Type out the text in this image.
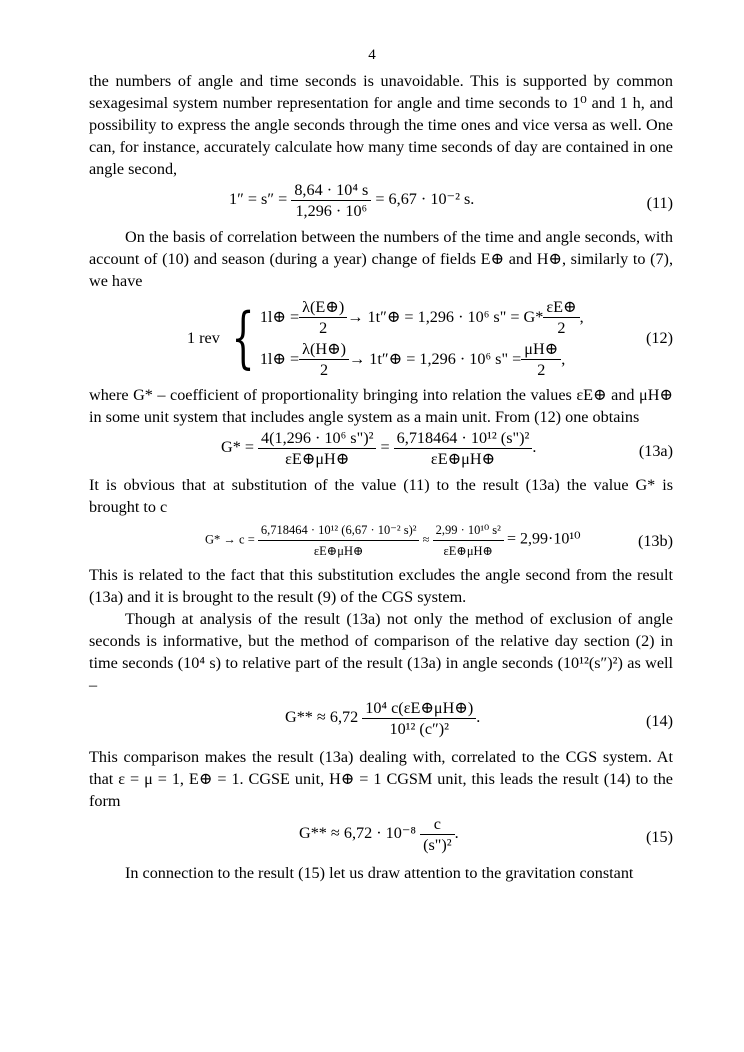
4

the numbers of angle and time seconds is unavoidable. This is supported by common sexagesimal system number representation for angle and time seconds to 1⁰ and 1 h, and possibility to express the angle seconds through the time ones and vice versa as well. One can, for instance, accurately calculate how many time seconds of day are contained in one angle second,

$1'' = s'' = \frac{\text{8,64 · 10⁴ s}}{\text{1,296 · 10⁶}} = 6,67 \cdot 10^{-2}$ s.	(11)

On the basis of correlation between the numbers of the time and angle seconds, with account of (10) and season (during a year) change of fields E⊕ and H⊕, similarly to (7), we have

1 rev { 1l⊕ = $\frac{\lambda(E\oplus)}{2}$ → 1t″⊕ = 1,296 · 10⁶ s" = $G* \frac{\varepsilon E\oplus}{2}$ ,
1l⊕ = $\frac{\lambda(H\oplus)}{2}$ → 1t″⊕ = 1,296 · 10⁶ s" = $\frac{\mu H\oplus}{2}$ ,
(12)

where G* – coefficient of proportionality bringing into relation the values εE⊕ and μH⊕ in some unit system that includes angle system as a main unit. From (12) one obtains

$G* = \frac{\text{4(1,296 · 10⁶ s")²}}{\varepsilon E\oplus\mu H\oplus} = \frac{\text{6,718464 · 10¹² (s")²}}{\varepsilon E\oplus\mu H\oplus}$ .	(13a)

It is obvious that at substitution of the value (11) to the result (13a) the value G* is brought to c

$G* \to c = \frac{\text{6,718464 · 10¹² (6,67 · 10⁻² s)²}}{\varepsilon E\oplus\mu H\oplus} \approx \frac{\text{2,99 · 10¹⁰ s²}}{\varepsilon E\oplus\mu H\oplus} = 2,99\cdot 10^{10}$	(13b)

This is related to the fact that this substitution excludes the angle second from the result (13a) and it is brought to the result (9) of the CGS system.

Though at analysis of the result (13a) not only the method of exclusion of angle seconds is informative, but the method of comparison of the relative day section (2) in time seconds (10⁴ s) to relative part of the result (13a) in angle seconds (10¹²(s″)²) as well –

$G** \approx 6,72 \frac{\text{10⁴ c(εE⊕μH⊕)}}{\text{10¹² (c″)²}}$ .	(14)

This comparison makes the result (13a) dealing with, correlated to the CGS system. At that ε = μ = 1, E⊕ = 1. CGSE unit, H⊕ = 1 CGSM unit, this leads the result (14) to the form

$G** \approx 6,72 \cdot 10^{-8} \frac{c}{\text{(s")²}}$ .	(15)

In connection to the result (15) let us draw attention to the gravitation constant
